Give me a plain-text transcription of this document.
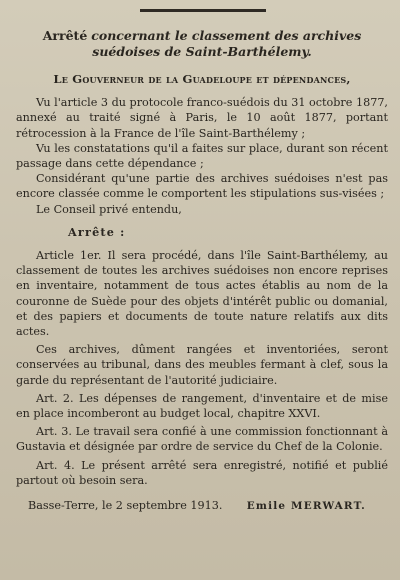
Arrêté concernant le classement des archives suédoises de Saint-Barthélemy.
Le Gouverneur de la Guadeloupe et dépendances,

Vu l'article 3 du protocole franco-suédois du 31 octobre 1877, annexé au traité signé à Paris, le 10 août 1877, portant rétrocession à la France de l'île Saint-Barthélemy ;

Vu les constatations qu'il a faites sur place, durant son récent passage dans cette dépendance ;

Considérant qu'une partie des archives suédoises n'est pas encore classée comme le comportent les stipulations sus-visées ;

Le Conseil privé entendu,

Arrête :

Article 1er. Il sera procédé, dans l'île Saint-Barthélemy, au classement de toutes les archives suédoises non encore reprises en inventaire, notamment de tous actes établis au nom de la couronne de Suède pour des objets d'intérêt public ou domanial, et des papiers et documents de toute nature relatifs aux dits actes.

Ces archives, dûment rangées et inventoriées, seront conservées au tribunal, dans des meubles fermant à clef, sous la garde du représentant de l'autorité judiciaire.

Art. 2. Les dépenses de rangement, d'inventaire et de mise en place incomberont au budget local, chapitre XXVI.

Art. 3. Le travail sera confié à une commission fonctionnant à Gustavia et désignée par ordre de service du Chef de la Colonie.

Art. 4. Le présent arrêté sera enregistré, notifié et publié partout où besoin sera.

Basse-Terre, le 2 septembre 1913. Emile MERWART.
